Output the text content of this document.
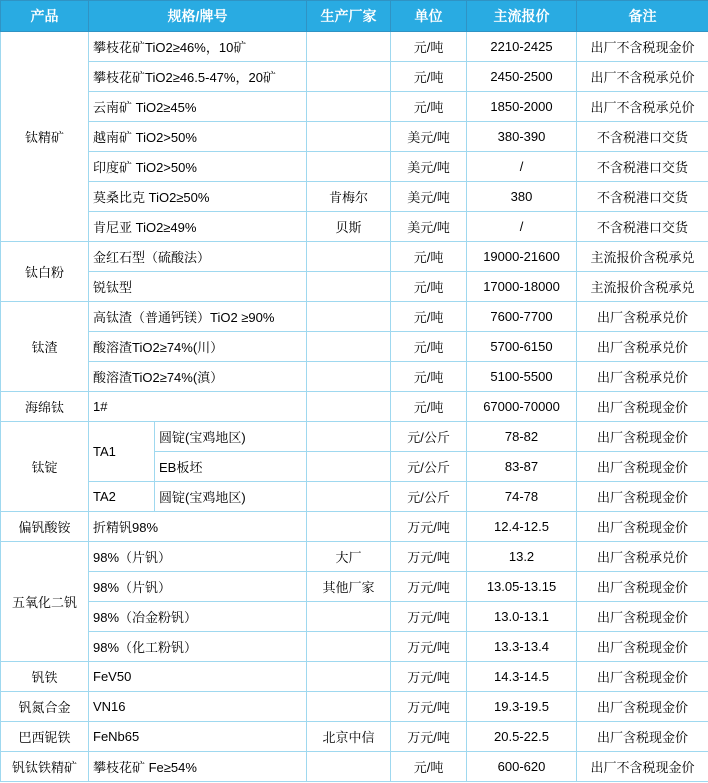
产品	规格/牌号		生产厂家	单位	主流报价	备注
钛精矿	攀枝花矿TiO2≥46%，10矿			元/吨	2210-2425	出厂不含税现金价
	攀枝花矿TiO2≥46.5-47%，20矿			元/吨	2450-2500	出厂不含税承兑价
	云南矿 TiO2≥45%			元/吨	1850-2000	出厂不含税承兑价
	越南矿 TiO2>50%			美元/吨	380-390	不含税港口交货
	印度矿 TiO2>50%			美元/吨	/	不含税港口交货
	莫桑比克 TiO2≥50%		肯梅尔	美元/吨	380	不含税港口交货
	肯尼亚 TiO2≥49%		贝斯	美元/吨	/	不含税港口交货
钛白粉	金红石型（硫酸法）			元/吨	19000-21600	主流报价含税承兑
	锐钛型			元/吨	17000-18000	主流报价含税承兑
钛渣	高钛渣（普通钙镁）TiO2 ≥90%			元/吨	7600-7700	出厂含税承兑价
	酸溶渣TiO2≥74%(川）			元/吨	5700-6150	出厂含税承兑价
	酸溶渣TiO2≥74%(滇）			元/吨	5100-5500	出厂含税承兑价
海绵钛	1#			元/吨	67000-70000	出厂含税现金价
钛锭	TA1	圆锭(宝鸡地区)		元/公斤	78-82	出厂含税现金价
		EB板坯		元/公斤	83-87	出厂含税现金价
	TA2	圆锭(宝鸡地区)		元/公斤	74-78	出厂含税现金价
偏钒酸铵	折精钒98%			万元/吨	12.4-12.5	出厂含税现金价
五氧化二钒	98%（片钒）		大厂	万元/吨	13.2	出厂含税承兑价
	98%（片钒）		其他厂家	万元/吨	13.05-13.15	出厂含税现金价
	98%（冶金粉钒）			万元/吨	13.0-13.1	出厂含税现金价
	98%（化工粉钒）			万元/吨	13.3-13.4	出厂含税现金价
钒铁	FeV50			万元/吨	14.3-14.5	出厂含税现金价
钒氮合金	VN16			万元/吨	19.3-19.5	出厂含税现金价
巴西铌铁	FeNb65		北京中信	万元/吨	20.5-22.5	出厂含税现金价
钒钛铁精矿	攀枝花矿 Fe≥54%			元/吨	600-620	出厂不含税现金价
